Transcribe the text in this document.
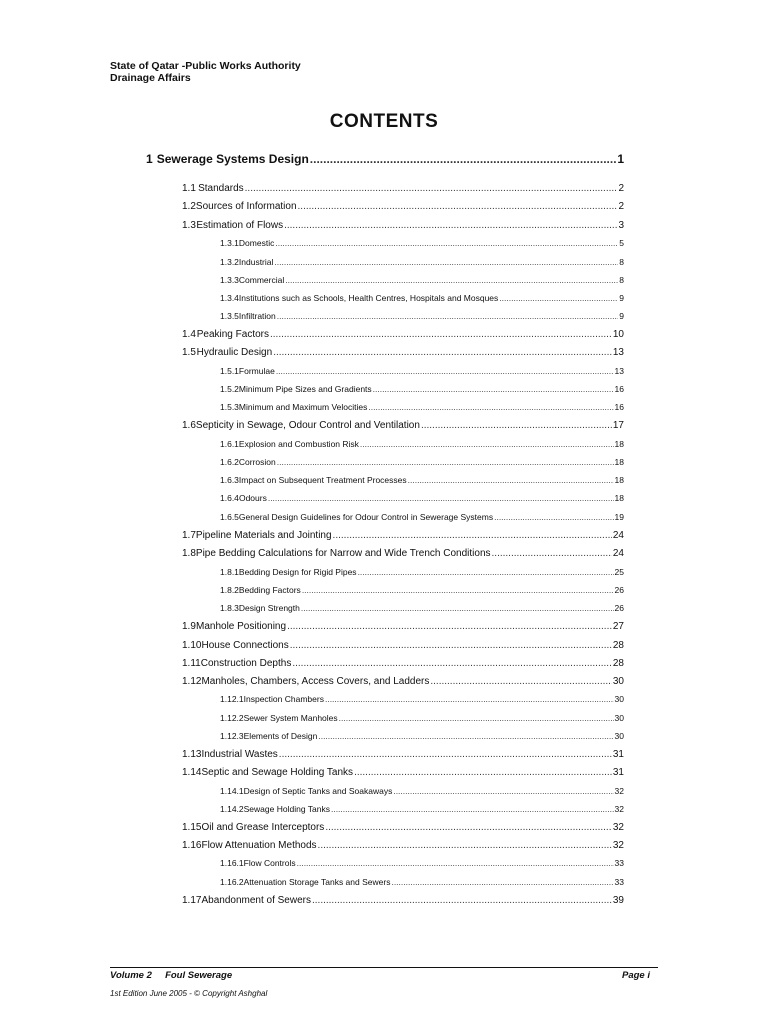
State of Qatar -Public Works Authority
Drainage Affairs
CONTENTS
1 Sewerage Systems Design .....	1
1.1 Standards .....	2
1.2 Sources of Information .....	2
1.3 Estimation of Flows .....	3
1.3.1 Domestic .....	5
1.3.2 Industrial .....	8
1.3.3 Commercial .....	8
1.3.4 Institutions such as Schools, Health Centres, Hospitals and Mosques .....	9
1.3.5 Infiltration .....	9
1.4 Peaking Factors .....	10
1.5 Hydraulic Design .....	13
1.5.1 Formulae .....	13
1.5.2 Minimum Pipe Sizes and Gradients .....	16
1.5.3 Minimum and Maximum Velocities .....	16
1.6 Septicity in Sewage, Odour Control and Ventilation .....	17
1.6.1 Explosion and Combustion Risk .....	18
1.6.2 Corrosion .....	18
1.6.3 Impact on Subsequent Treatment Processes .....	18
1.6.4 Odours .....	18
1.6.5 General Design Guidelines for Odour Control in Sewerage Systems .....	19
1.7 Pipeline Materials and Jointing .....	24
1.8 Pipe Bedding Calculations for Narrow and Wide Trench Conditions .....	24
1.8.1 Bedding Design for Rigid Pipes .....	25
1.8.2 Bedding Factors .....	26
1.8.3 Design Strength .....	26
1.9 Manhole Positioning .....	27
1.10 House Connections .....	28
1.11 Construction Depths .....	28
1.12 Manholes, Chambers, Access Covers, and Ladders .....	30
1.12.1 Inspection Chambers .....	30
1.12.2 Sewer System Manholes .....	30
1.12.3 Elements of Design .....	30
1.13 Industrial Wastes .....	31
1.14 Septic and Sewage Holding Tanks .....	31
1.14.1 Design of Septic Tanks and Soakaways .....	32
1.14.2 Sewage Holding Tanks .....	32
1.15 Oil and Grease Interceptors .....	32
1.16 Flow Attenuation Methods .....	32
1.16.1 Flow Controls .....	33
1.16.2 Attenuation Storage Tanks and Sewers .....	33
1.17 Abandonment of Sewers .....	39
Volume 2     Foul Sewerage	Page i
1st Edition June 2005 - © Copyright Ashghal
